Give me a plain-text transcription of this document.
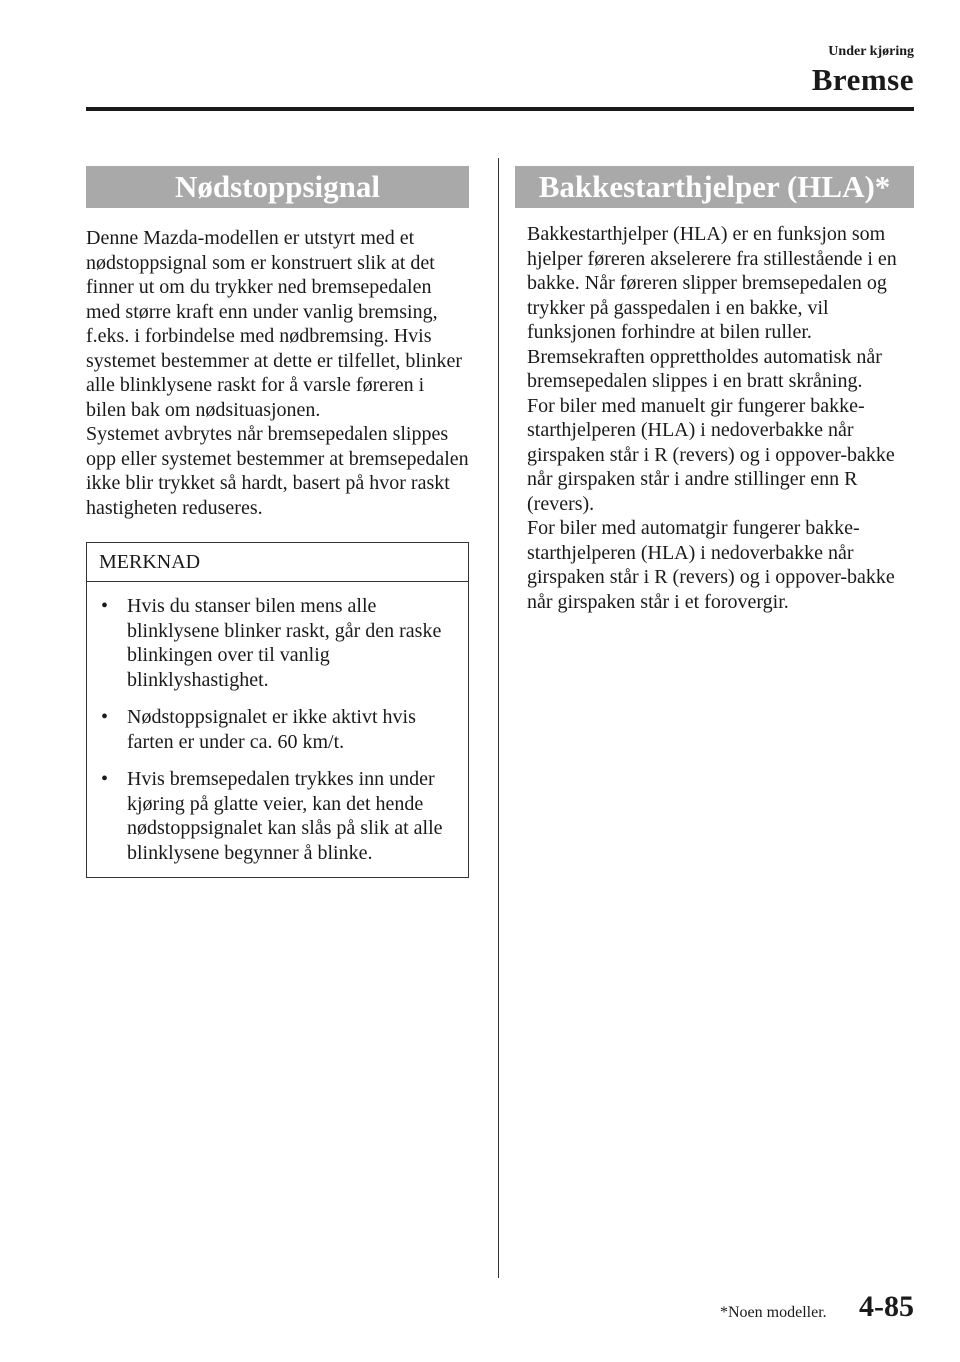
Under kjøring
Bremse
Nødstoppsignal

Denne Mazda-modellen er utstyrt med et nødstoppsignal som er konstruert slik at det finner ut om du trykker ned bremsepedalen med større kraft enn under vanlig bremsing, f.eks. i forbindelse med nødbremsing. Hvis systemet bestemmer at dette er tilfellet, blinker alle blinklysene raskt for å varsle føreren i bilen bak om nødsituasjonen.
Systemet avbrytes når bremsepedalen slippes opp eller systemet bestemmer at bremsepedalen ikke blir trykket så hardt, basert på hvor raskt hastigheten reduseres.

MERKNAD
• Hvis du stanser bilen mens alle blinklysene blinker raskt, går den raske blinkingen over til vanlig blinklyshastighet.
• Nødstoppsignalet er ikke aktivt hvis farten er under ca. 60 km/t.
• Hvis bremsepedalen trykkes inn under kjøring på glatte veier, kan det hende nødstoppsignalet kan slås på slik at alle blinklysene begynner å blinke.
Bakkestarthjelper (HLA)*

Bakkestarthjelper (HLA) er en funksjon som hjelper føreren akselerere fra stillestående i en bakke. Når føreren slipper bremsepedalen og trykker på gasspedalen i en bakke, vil funksjonen forhindre at bilen ruller. Bremsekraften opprettholdes automatisk når bremsepedalen slippes i en bratt skråning.
For biler med manuelt gir fungerer bakke-starthjelperen (HLA) i nedoverbakke når girspaken står i R (revers) og i oppover-bakke når girspaken står i andre stillinger enn R (revers).
For biler med automatgir fungerer bakke-starthjelperen (HLA) i nedoverbakke når girspaken står i R (revers) og i oppover-bakke når girspaken står i et forovergir.

*Noen modeller. 4-85
